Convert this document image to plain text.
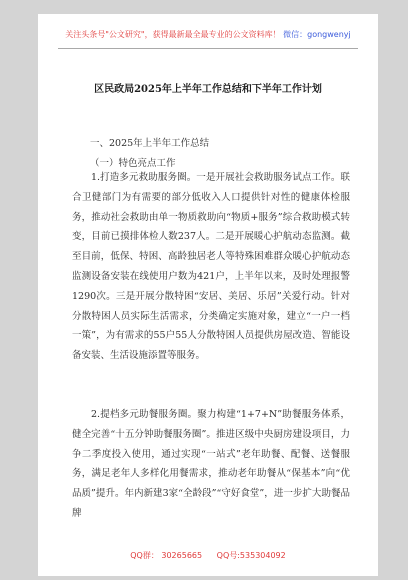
关注头条号"公文研究"，获得最新最全最专业的公文资料库！ 微信：gongwenyj
区民政局2025年上半年工作总结和下半年工作计划
一、2025年上半年工作总结
（一）特色亮点工作
1.打造多元救助服务圈。一是开展社会救助服务试点工作。联合卫健部门为有需要的部分低收入人口提供针对性的健康体检服务，推动社会救助由单一物质救助向“物质+服务”综合救助模式转变，目前已摸排体检人数237人。二是开展暖心护航动态监测。截至目前，低保、特困、高龄独居老人等特殊困难群众暖心护航动态监测设备安装在线使用户数为421户，上半年以来，及时处理报警1290次。三是开展分散特困“安居、美居、乐居”关爱行动。针对分散特困人员实际生活需求，分类确定实施对象，建立“一户一档一策”，为有需求的55户55人分散特困人员提供房屋改造、智能设备安装、生活设施添置等服务。
2.提档多元助餐服务圈。聚力构建“1+7+N”助餐服务体系，健全完善“十五分钟助餐服务圈”。推进区级中央厨房建设项目，力争二季度投入使用，通过实现“一站式”老年助餐、配餐、送餐服务，满足老年人多样化用餐需求，推动老年助餐从“保基本”向“优品质”提升。年内新建3家“全龄段”“守好食堂”，进一步扩大助餐品牌
QQ群： 30265665 QQ号:535304092
